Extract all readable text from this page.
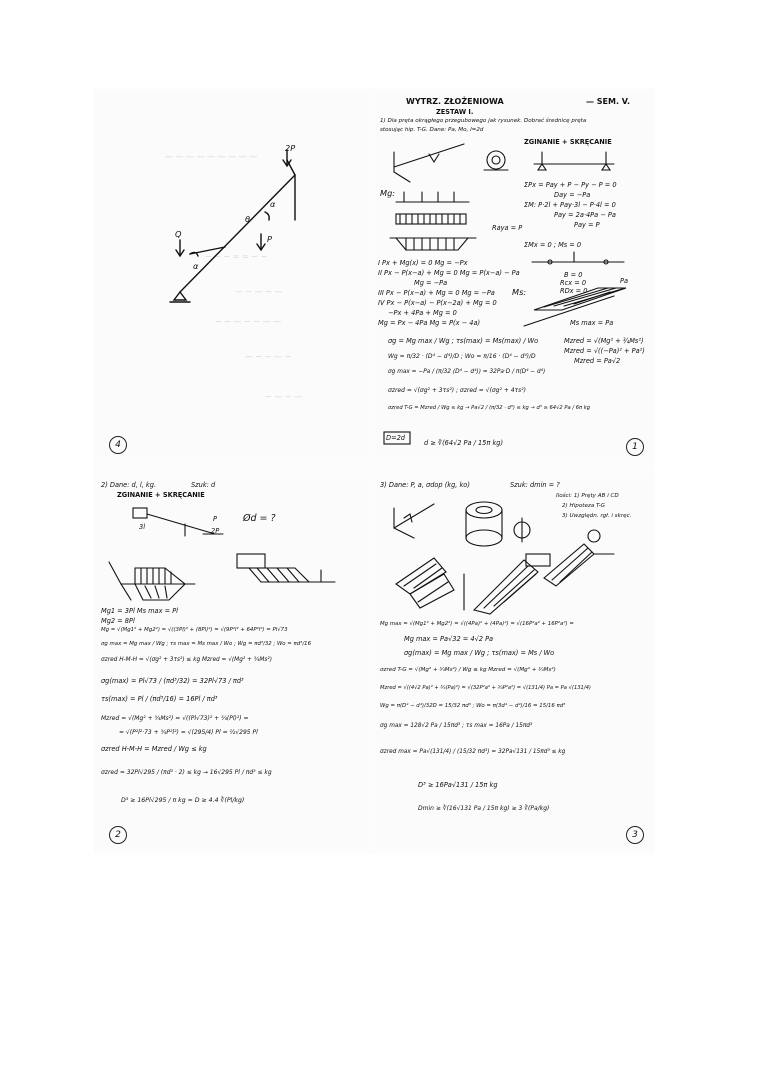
— — — — — — — — —
~ ~ ~ = = ~ ~
— ~ — ~ —
~ ~ — ~ ~ — —
— ~ ~ — ~
~ — ~ —
2P
α
θ
Q	P
α
4
WYTRZ. ZŁOŻENIOWA	— SEM. V.
ZESTAW I.
1) Dla pręta okrągłego przegubowego jak rysunek. Dobrać średnicę pręta
stosując hip. T-G. Dane: Pa, Mo, l=2d
ZGINANIE + SKRĘCANIE
ΣPx = Pay + P − Py − P = 0
Day = −Pa
ΣM: P·2l + Pay·3l − P·4l = 0
Pay = 2a·4Pa − Pa
Pay = P
Raya = P
Mg:
ΣMx = 0 ; Ms = 0
B = 0
Rcx = 0
RDx = 0
Ms:
Pa
I Px + Mg(x) = 0 Mg = −Px
II Px − P(x−a) + Mg = 0 Mg = P(x−a) − Pa
Mg = −Pa
III Px − P(x−a) + Mg = 0 Mg = −Pa
IV Px − P(x−a) − P(x−2a) + Mg = 0
−Px + 4Pa + Mg = 0
Mg = Px − 4Pa Mg = P(x − 4a)	Ms max = Pa
σg = Mg max / Wg ; τs(max) = Ms(max) / Wo
Wg = π/32 · (D⁴ − d⁴)/D ; Wo = π/16 · (D⁴ − d⁴)/D
σg max = −Pa / (π/32 (D⁴ − d⁴)) = 32Pa·D / π(D⁴ − d⁴)
Mzred = √(Mg² + ¾Ms²)
Mzred = √((−Pa)² + Pa²)
Mzred = Pa√2
σzred = √(σg² + 3τs²) ; σzred = √(σg² + 4τs²)
σzred T-G = Mzred / Wg ≤ kg → Pa√2 / (π/32 · d³) ≤ kg → d³ ≥ 64√2 Pa / 6π kg
D=2d
d ≥ ∛(64√2 Pa / 15π kg)	1
2) Dane: d, l, kg.	Szuk: d
ZGINANIE + SKRĘCANIE
Ød = ?
2P
P
3l
Mg1 = 3Pl Ms max = Pl
Mg2 = 8Pl
Mg = √(Mg1² + Mg2²) = √((3Pl)² + (8Pl)²) = √(9P²l² + 64P²l²) = Pl√73
σg max = Mg max / Wg ; τs max = Ms max / Wo ; Wg = πd³/32 ; Wo = πd³/16
σzred H-M-H = √(σg² + 3τs²) ≤ kg Mzred = √(Mg² + ¾Ms²)
σg(max) = Pl√73 / (πd³/32) = 32Pl√73 / πd³
τs(max) = Pl / (πd³/16) = 16Pl / πd³
Mzred = √(Mg² + ¾Ms²) = √((Pl√73)² + ¾(Pl)²) =
= √(P²l²·73 + ¾P²l²) = √(295/4) Pl = ½√295 Pl
σzred H-M-H = Mzred / Wg ≤ kg
σzred = 32Pl√295 / (πd³ · 2) ≤ kg → 16√295 Pl / πd³ ≤ kg
D³ ≥ 16Pl√295 / π kg ≈ D ≥ 4.4 ∛(Pl/kg)
2
3) Dane: P, a, σdop (kg, ko)	Szuk: dmin = ?
Ilości: 1) Pręty AB i CD
2) Hipoteza T-G
3) Uwzględn. rgł. i skręc.
Mg max = √(Mg1² + Mg2²) = √((4Pa)² + (4Pa)²) = √(16P²a² + 16P²a²) =
Mg max = Pa√32 = 4√2 Pa
σg(max) = Mg max / Wg ; τs(max) = Ms / Wo
σzred T-G = √(Mg² + ¾Ms²) / Wg ≤ kg Mzred = √(Mg² + ¾Ms²)
Mzred = √((4√2 Pa)² + ¾(Pa)²) = √(32P²a² + ¾P²a²) = √(131/4) Pa = Pa √(131/4)
Wg = π(D⁴ − d⁴)/32D = 15/32 πd³ ; Wo = π(3d⁴ − d⁴)/16 = 15/16 πd³
σg max = 128√2 Pa / 15πd³ ; τs max = 16Pa / 15πd³
σzred max = Pa√(131/4) / (15/32 πd³) = 32Pa√131 / 15πd³ ≤ kg
D³ ≥ 16Pa√131 / 15π kg
Dmin ≥ ∛(16√131 Pa / 15π kg) ≥ 3 ∛(Pa/kg)
3
